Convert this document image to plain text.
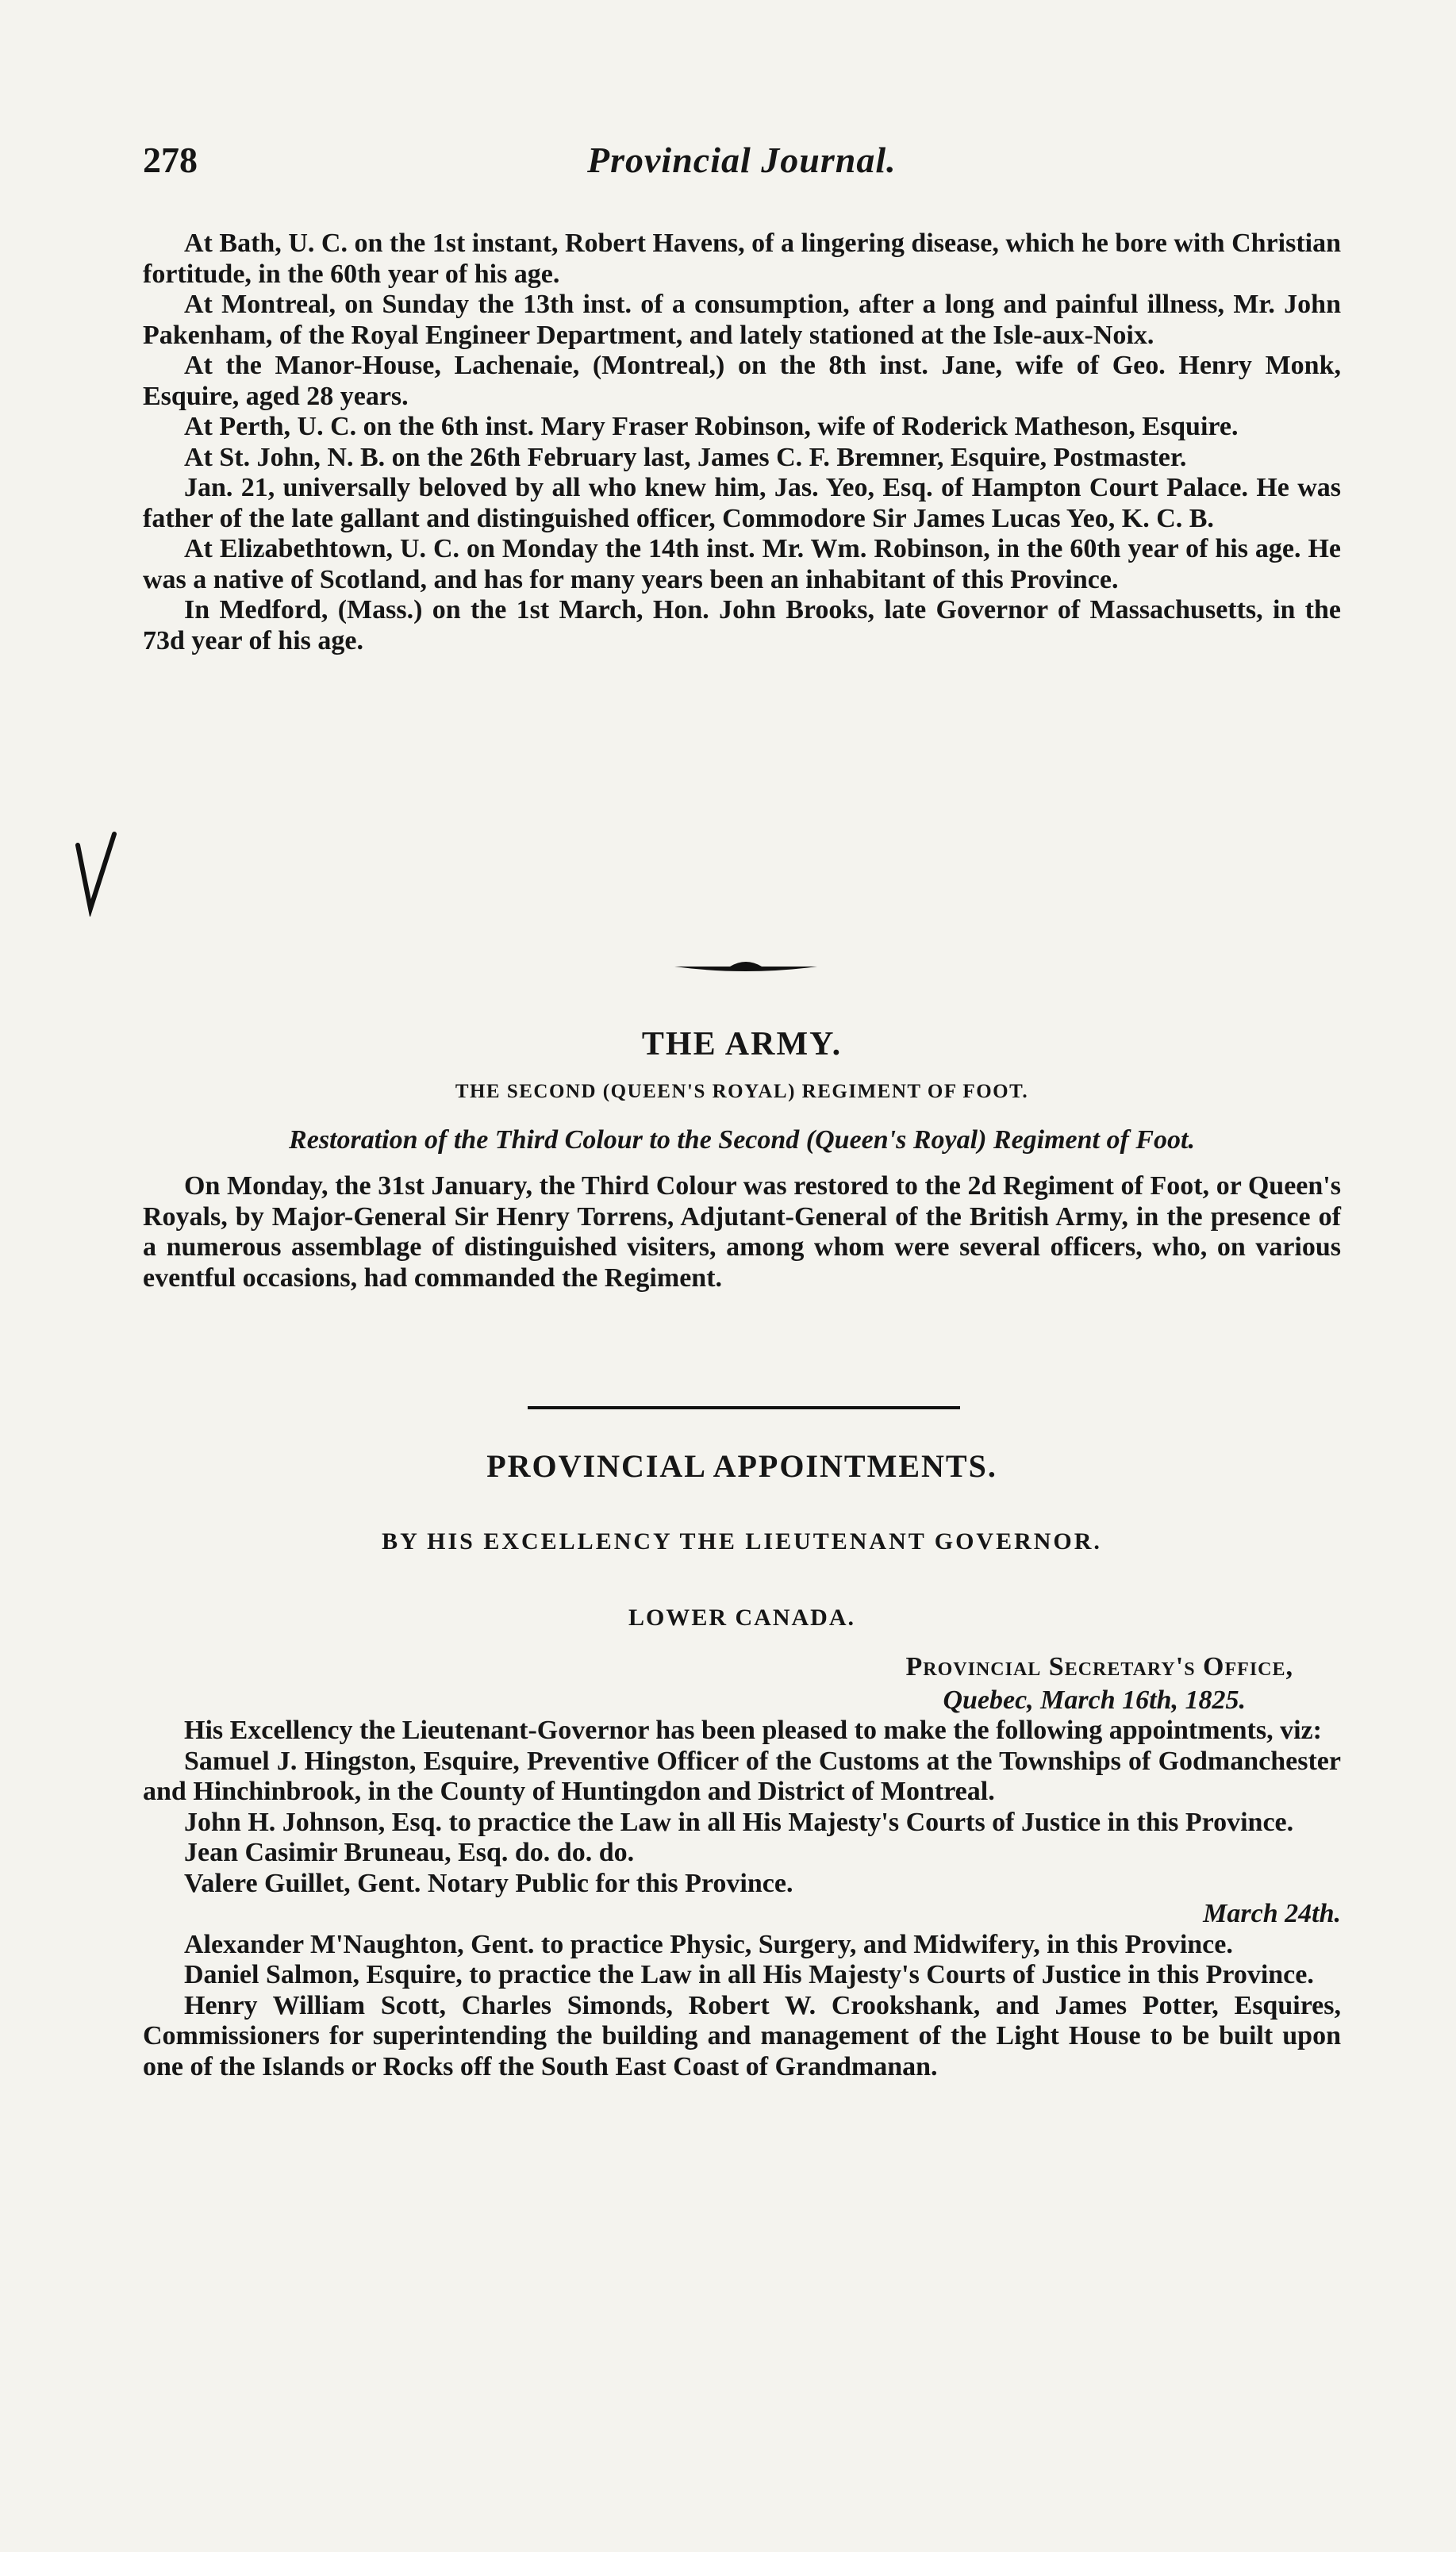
278	Provincial Journal.

At Bath, U. C. on the 1st instant, Robert Havens, of a lingering disease, which he bore with Christian fortitude, in the 60th year of his age.

At Montreal, on Sunday the 13th inst. of a consumption, after a long and painful illness, Mr. John Pakenham, of the Royal Engineer Department, and lately stationed at the Isle-aux-Noix.

At the Manor-House, Lachenaie, (Montreal,) on the 8th inst. Jane, wife of Geo. Henry Monk, Esquire, aged 28 years.

At Perth, U. C. on the 6th inst. Mary Fraser Robinson, wife of Roderick Matheson, Esquire.

At St. John, N. B. on the 26th February last, James C. F. Bremner, Esquire, Postmaster.

Jan. 21, universally beloved by all who knew him, Jas. Yeo, Esq. of Hampton Court Palace. He was father of the late gallant and distinguished officer, Commodore Sir James Lucas Yeo, K. C. B.

At Elizabethtown, U. C. on Monday the 14th inst. Mr. Wm. Robinson, in the 60th year of his age. He was a native of Scotland, and has for many years been an inhabitant of this Province.

In Medford, (Mass.) on the 1st March, Hon. John Brooks, late Governor of Massachusetts, in the 73d year of his age.

THE ARMY.

THE SECOND (QUEEN'S ROYAL) REGIMENT OF FOOT.

Restoration of the Third Colour to the Second (Queen's Royal) Regiment of Foot.

On Monday, the 31st January, the Third Colour was restored to the 2d Regiment of Foot, or Queen's Royals, by Major-General Sir Henry Torrens, Adjutant-General of the British Army, in the presence of a numerous assemblage of distinguished visiters, among whom were several officers, who, on various eventful occasions, had commanded the Regiment.

PROVINCIAL APPOINTMENTS.

BY HIS EXCELLENCY THE LIEUTENANT GOVERNOR.

LOWER CANADA.

Provincial Secretary's Office,
Quebec, March 16th, 1825.

His Excellency the Lieutenant-Governor has been pleased to make the following appointments, viz:

Samuel J. Hingston, Esquire, Preventive Officer of the Customs at the Townships of Godmanchester and Hinchinbrook, in the County of Huntingdon and District of Montreal.

John H. Johnson, Esq. to practice the Law in all His Majesty's Courts of Justice in this Province.

Jean Casimir Bruneau, Esq. do. do. do.

Valere Guillet, Gent. Notary Public for this Province.

March 24th.

Alexander M'Naughton, Gent. to practice Physic, Surgery, and Midwifery, in this Province.

Daniel Salmon, Esquire, to practice the Law in all His Majesty's Courts of Justice in this Province.

Henry William Scott, Charles Simonds, Robert W. Crookshank, and James Potter, Esquires, Commissioners for superintending the building and management of the Light House to be built upon one of the Islands or Rocks off the South East Coast of Grandmanan.
